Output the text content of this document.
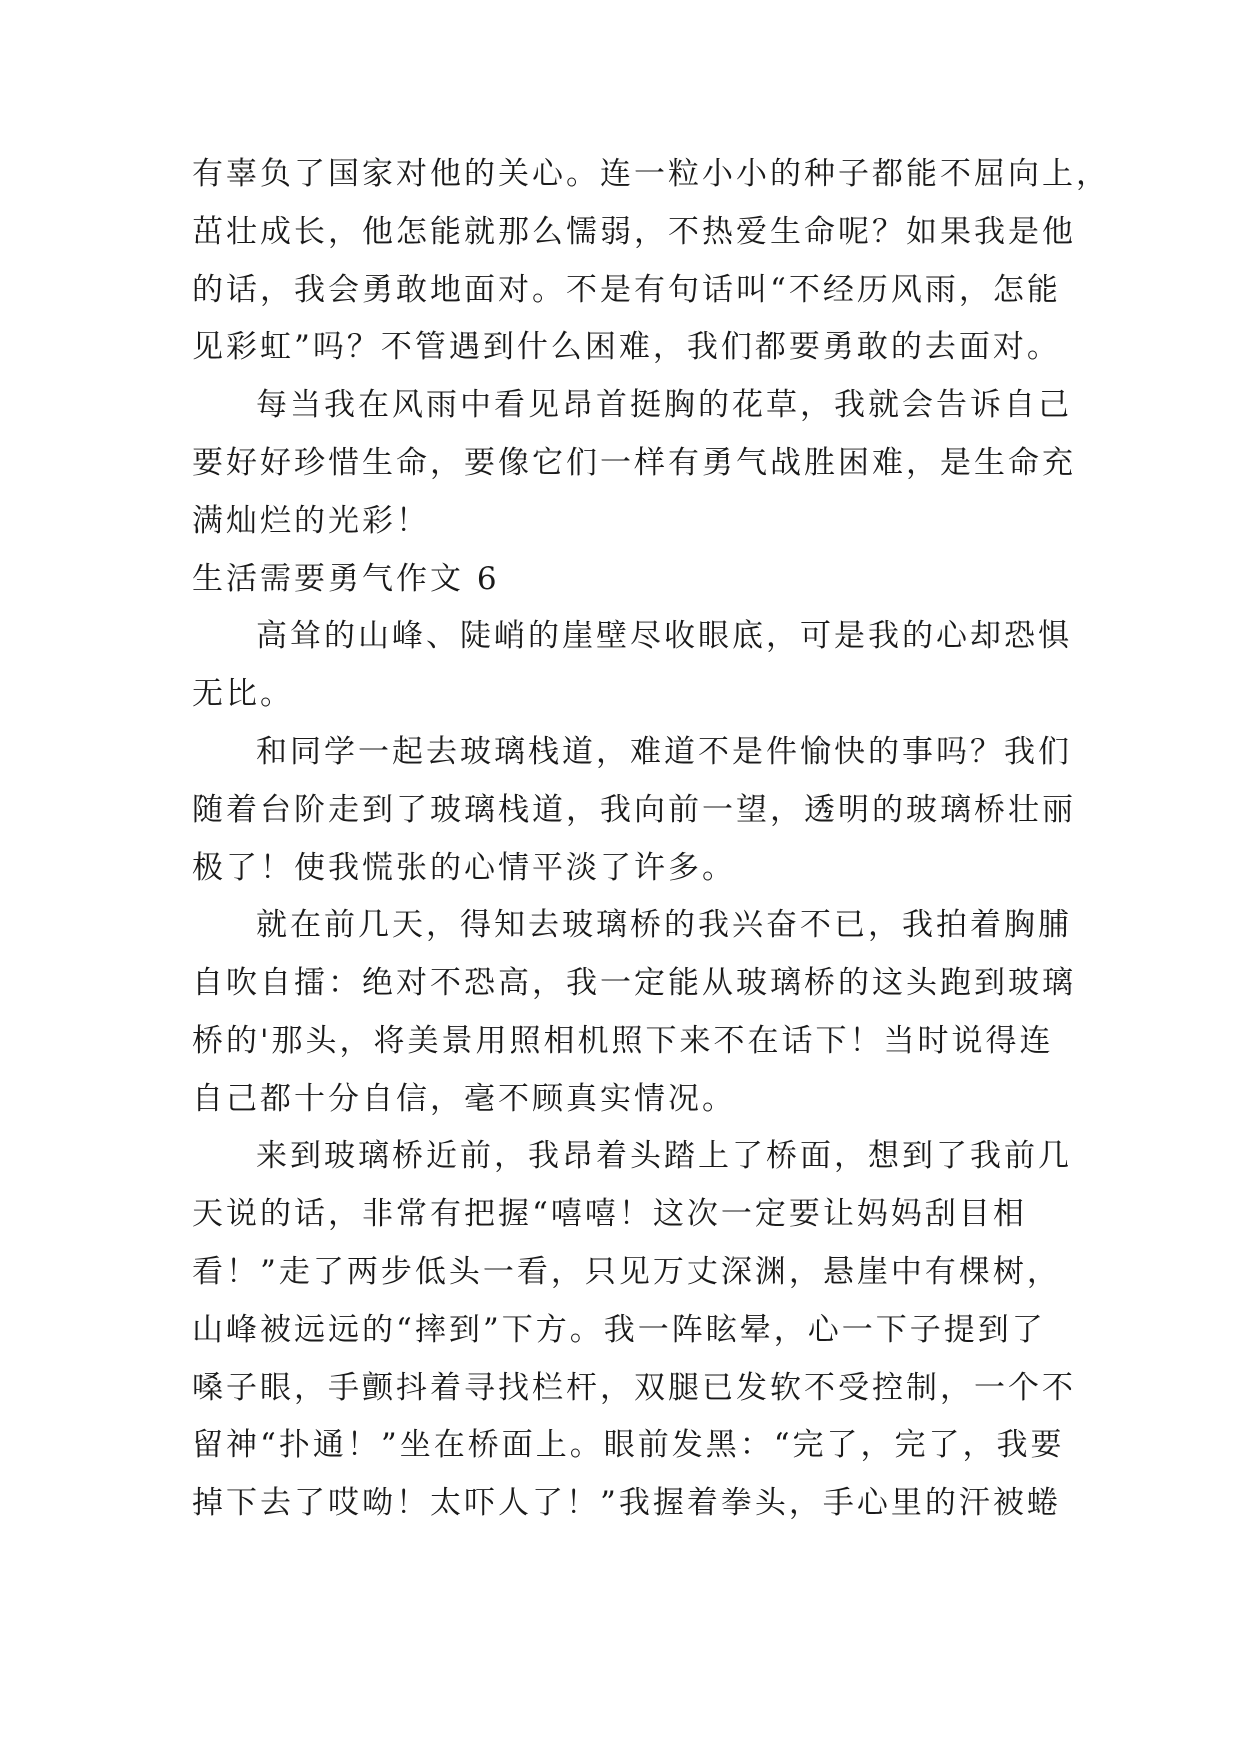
有辜负了国家对他的关心。连一粒小小的种子都能不屈向上，
茁壮成长，他怎能就那么懦弱，不热爱生命呢？如果我是他
的话，我会勇敢地面对。不是有句话叫“不经历风雨，怎能
见彩虹”吗？不管遇到什么困难，我们都要勇敢的去面对。
每当我在风雨中看见昂首挺胸的花草，我就会告诉自己
要好好珍惜生命，要像它们一样有勇气战胜困难，是生命充
满灿烂的光彩！
生活需要勇气作文 6
高耸的山峰、陡峭的崖壁尽收眼底，可是我的心却恐惧
无比。
和同学一起去玻璃栈道，难道不是件愉快的事吗？我们
随着台阶走到了玻璃栈道，我向前一望，透明的玻璃桥壮丽
极了！使我慌张的心情平淡了许多。
就在前几天，得知去玻璃桥的我兴奋不已，我拍着胸脯
自吹自擂：绝对不恐高，我一定能从玻璃桥的这头跑到玻璃
桥的'那头，将美景用照相机照下来不在话下！当时说得连
自己都十分自信，毫不顾真实情况。
来到玻璃桥近前，我昂着头踏上了桥面，想到了我前几
天说的话，非常有把握“嘻嘻！这次一定要让妈妈刮目相
看！”走了两步低头一看，只见万丈深渊，悬崖中有棵树，
山峰被远远的“摔到”下方。我一阵眩晕，心一下子提到了
嗓子眼，手颤抖着寻找栏杆，双腿已发软不受控制，一个不
留神“扑通！”坐在桥面上。眼前发黑：“完了，完了，我要
掉下去了哎呦！太吓人了！”我握着拳头，手心里的汗被蜷
